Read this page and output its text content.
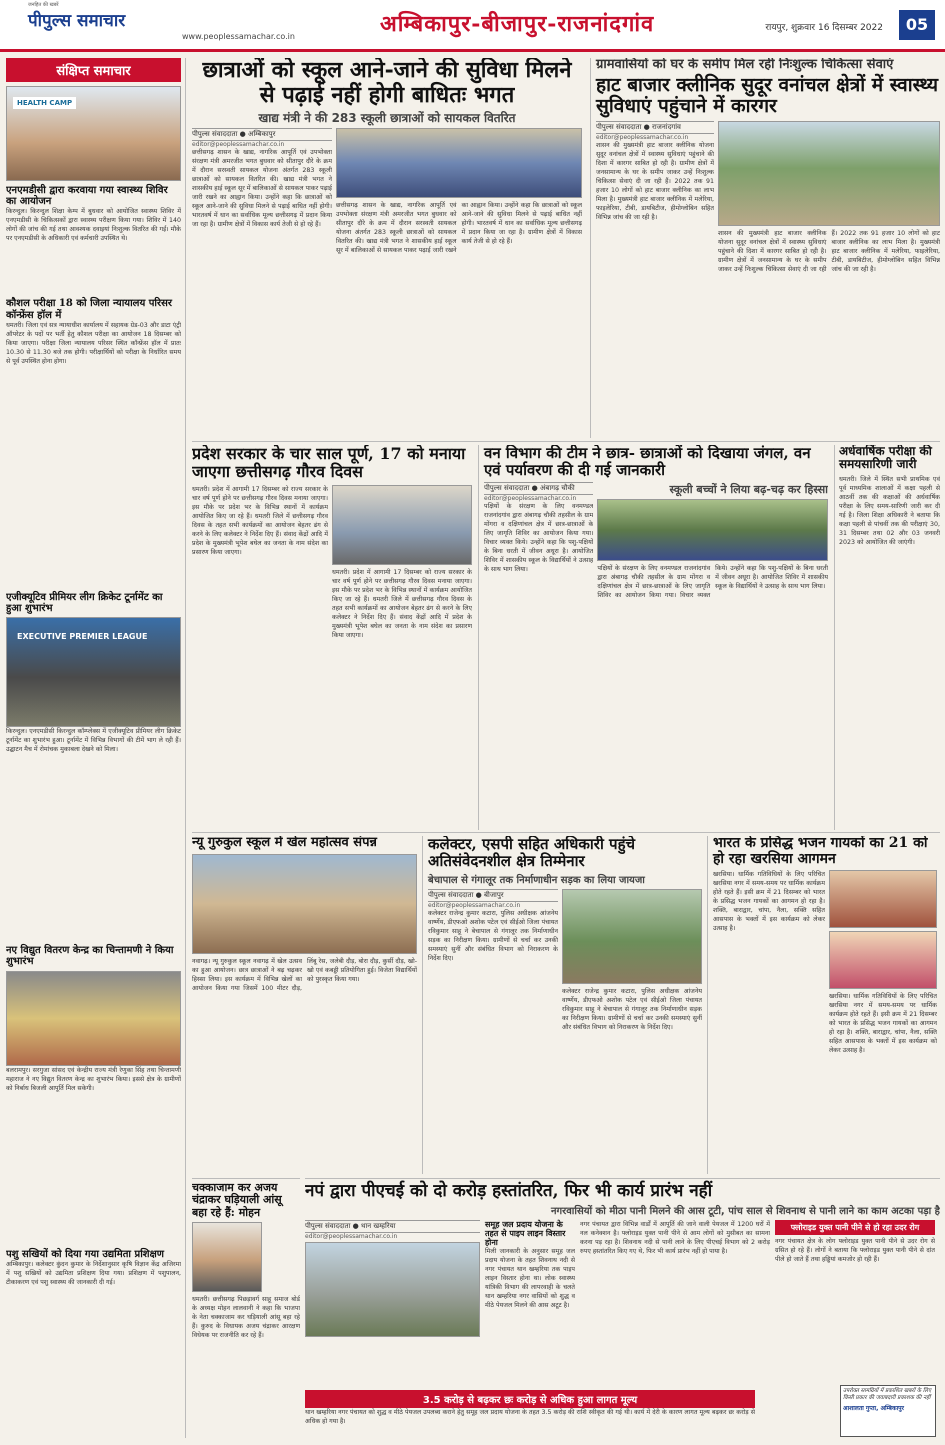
जनहित की खबरें
पीपुल्स समाचार
www.peoplessamachar.co.in	अम्बिकापुर-बीजापुर-राजनांदगांव	रायपुर, शुक्रवार 16 दिसम्बर 2022	05
संक्षिप्त समाचार
HEALTH CAMP
एनएमडीसी द्वारा करवाया गया स्वास्थ्य शिविर का आयोजन
किरन्दुल। किरन्दुल शिक्षा केम्प में बुधवार को आयोजित स्वास्थ्य शिविर में एनएमडीसी के चिकित्सकों द्वारा स्वास्थ्य परीक्षण किया गया। शिविर में 140 लोगों की जांच की गई तथा आवश्यक दवाइयां निःशुल्क वितरित की गईं। मौके पर एनएमडीसी के अधिकारी एवं कर्मचारी उपस्थित थे।
कौशल परीक्षा 18 को जिला न्यायालय परिसर कॉन्फ्रेंस हॉल में
धमतरी। जिला एवं सत्र न्यायाधीश कार्यालय में सहायक ग्रेड-03 और डाटा एंट्री ऑपरेटर के पदों पर भर्ती हेतु कौशल परीक्षा का आयोजन 18 दिसम्बर को किया जाएगा। परीक्षा जिला न्यायालय परिसर स्थित कॉन्फ्रेंस हॉल में प्रातः 10.30 से 11.30 बजे तक होगी। परीक्षार्थियों को परीक्षा के निर्धारित समय से पूर्व उपस्थित होना होगा।
एजीक्यूटिव प्रीमियर लीग क्रिकेट टूर्नामेंट का हुआ शुभारंभ
EXECUTIVE PREMIER LEAGUE
किरन्दुल। एनएमडीसी किरन्दुल कॉम्प्लेक्स में एजीक्यूटिव प्रीमियर लीग क्रिकेट टूर्नामेंट का शुभारंभ हुआ। टूर्नामेंट में विभिन्न विभागों की टीमें भाग ले रही हैं। उद्घाटन मैच में रोमांचक मुकाबला देखने को मिला।
नए विद्युत वितरण केन्द्र का चिन्तामणी ने किया शुभारंभ
बलरामपुर। सरगुजा सांसद एवं केन्द्रीय राज्य मंत्री रेणुका सिंह तथा चिन्तामणी महाराज ने नए विद्युत वितरण केन्द्र का शुभारंभ किया। इससे क्षेत्र के ग्रामीणों को निर्बाध बिजली आपूर्ति मिल सकेगी।
पशु सखियों को दिया गया उद्यमिता प्रशिक्षण
अम्बिकापुर। कलेक्टर कुंदन कुमार के निर्देशानुसार कृषि विज्ञान केंद्र अजिरमा में पशु सखियों को उद्यमिता प्रशिक्षण दिया गया। प्रशिक्षण में पशुपालन, टीकाकरण एवं पशु स्वास्थ्य की जानकारी दी गई।
छात्राओं को स्कूल आने-जाने की सुविधा मिलने से पढ़ाई नहीं होगी बाधितः भगत
खाद्य मंत्री ने की 283 स्कूली छात्राओं को सायकल वितरित
पीपुल्स संवाददाता ● अम्बिकापुर
editor@peoplessamachar.co.in
छत्तीसगढ़ शासन के खाद्य, नागरिक आपूर्ति एवं उपभोक्ता संरक्षण मंत्री अमरजीत भगत बुधवार को सीतापुर दौरे के क्रम में दौरान सरस्वती सायकल योजना अंतर्गत 283 स्कूली छात्राओं को सायकल वितरित की। खाद्य मंत्री भगत ने शासकीय हाई स्कूल सूर में बालिकाओं से सायकल पाकर पढ़ाई जारी रखने का आह्वान किया। उन्होंने कहा कि छात्राओं को स्कूल आने-जाने की सुविधा मिलने से पढ़ाई बाधित नहीं होगी। भारतवर्ष में धान का सर्वाधिक मूल्य छत्तीसगढ़ में प्रदान किया जा रहा है। ग्रामीण क्षेत्रों में विकास कार्य तेजी से हो रहे हैं।
छत्तीसगढ़ शासन के खाद्य, नागरिक आपूर्ति एवं उपभोक्ता संरक्षण मंत्री अमरजीत भगत बुधवार को सीतापुर दौरे के क्रम में दौरान सरस्वती सायकल योजना अंतर्गत 283 स्कूली छात्राओं को सायकल वितरित की। खाद्य मंत्री भगत ने शासकीय हाई स्कूल सूर में बालिकाओं से सायकल पाकर पढ़ाई जारी रखने का आह्वान किया। उन्होंने कहा कि छात्राओं को स्कूल आने-जाने की सुविधा मिलने से पढ़ाई बाधित नहीं होगी। भारतवर्ष में धान का सर्वाधिक मूल्य छत्तीसगढ़ में प्रदान किया जा रहा है। ग्रामीण क्षेत्रों में विकास कार्य तेजी से हो रहे हैं।
ग्रामवासियों को घर के समीप मिल रही निःशुल्क चिकित्सा सेवाएं
हाट बाजार क्लीनिक सुदूर वनांचल क्षेत्रों में स्वास्थ्य सुविधाएं पहुंचाने में कारगर
पीपुल्स संवाददाता ● राजनांदगांव
editor@peoplessamachar.co.in
शासन की मुख्यमंत्री हाट बाजार क्लीनिक योजना सुदूर वनांचल क्षेत्रों में स्वास्थ्य सुविधाएं पहुंचाने की दिशा में कारगर साबित हो रही है। ग्रामीण क्षेत्रों में जनसामान्य के घर के समीप जाकर उन्हें निःशुल्क चिकित्सा सेवाएं दी जा रही हैं। 2022 तक 91 हजार 10 लोगों को हाट बाजार क्लीनिक का लाभ मिला है। मुख्यमंत्री हाट बाजार क्लीनिक में मलेरिया, फाइलेरिया, टीबी, डायबिटीज, हीमोग्लोबिन सहित विभिन्न जांच की जा रही है।
शासन की मुख्यमंत्री हाट बाजार क्लीनिक योजना सुदूर वनांचल क्षेत्रों में स्वास्थ्य सुविधाएं पहुंचाने की दिशा में कारगर साबित हो रही है। ग्रामीण क्षेत्रों में जनसामान्य के घर के समीप जाकर उन्हें निःशुल्क चिकित्सा सेवाएं दी जा रही हैं। 2022 तक 91 हजार 10 लोगों को हाट बाजार क्लीनिक का लाभ मिला है। मुख्यमंत्री हाट बाजार क्लीनिक में मलेरिया, फाइलेरिया, टीबी, डायबिटीज, हीमोग्लोबिन सहित विभिन्न जांच की जा रही है।
प्रदेश सरकार के चार साल पूर्ण, 17 को मनाया जाएगा छत्तीसगढ़ गौरव दिवस
धमतरी। प्रदेश में आगामी 17 दिसम्बर को राज्य सरकार के चार वर्ष पूर्ण होने पर छत्तीसगढ़ गौरव दिवस मनाया जाएगा। इस मौके पर प्रदेश भर के विभिन्न स्थानों में कार्यक्रम आयोजित किए जा रहे हैं। धमतरी जिले में छत्तीसगढ़ गौरव दिवस के तहत सभी कार्यक्रमों का आयोजन बेहतर ढंग से करने के लिए कलेक्टर ने निर्देश दिए हैं। संवाद केंद्रों आदि में प्रदेश के मुख्यमंत्री भूपेश बघेल का जनता के नाम संदेश का प्रसारण किया जाएगा।
धमतरी। प्रदेश में आगामी 17 दिसम्बर को राज्य सरकार के चार वर्ष पूर्ण होने पर छत्तीसगढ़ गौरव दिवस मनाया जाएगा। इस मौके पर प्रदेश भर के विभिन्न स्थानों में कार्यक्रम आयोजित किए जा रहे हैं। धमतरी जिले में छत्तीसगढ़ गौरव दिवस के तहत सभी कार्यक्रमों का आयोजन बेहतर ढंग से करने के लिए कलेक्टर ने निर्देश दिए हैं। संवाद केंद्रों आदि में प्रदेश के मुख्यमंत्री भूपेश बघेल का जनता के नाम संदेश का प्रसारण किया जाएगा।
वन विभाग की टीम ने छात्र- छात्राओं को दिखाया जंगल, वन एवं पर्यावरण की दी गई जानकारी
पीपुल्स संवाददाता ● अंबागढ़ चौकी
editor@peoplessamachar.co.in
पक्षियों के संरक्षण के लिए वनमण्डल राजनांदगांव द्वारा अंबागढ़ चौकी तहसील के ग्राम मोंगरा व दक्षिणांचल क्षेत्र में छात्र-छात्राओं के लिए जागृति शिविर का आयोजन किया गया। विचार व्यक्त किये। उन्होंने कहा कि पशु-पक्षियों के बिना धरती में जीवन अधूरा है। आयोजित शिविर में शासकीय स्कूल के विद्यार्थियों ने उत्साह के साथ भाग लिया।
स्कूली बच्चों ने लिया बढ़-चढ़ कर हिस्सा
पक्षियों के संरक्षण के लिए वनमण्डल राजनांदगांव द्वारा अंबागढ़ चौकी तहसील के ग्राम मोंगरा व दक्षिणांचल क्षेत्र में छात्र-छात्राओं के लिए जागृति शिविर का आयोजन किया गया। विचार व्यक्त किये। उन्होंने कहा कि पशु-पक्षियों के बिना धरती में जीवन अधूरा है। आयोजित शिविर में शासकीय स्कूल के विद्यार्थियों ने उत्साह के साथ भाग लिया।
अर्धवार्षिक परीक्षा की समयसारिणी जारी
धमतरी। जिले में स्थित सभी प्राथमिक एवं पूर्व माध्यमिक शालाओं में कक्षा पहली से आठवीं तक की कक्षाओं की अर्धवार्षिक परीक्षा के लिए समय-सारिणी जारी कर दी गई है। जिला शिक्षा अधिकारी ने बताया कि कक्षा पहली से पांचवीं तक की परीक्षाएं 30, 31 दिसम्बर तथा 02 और 03 जनवरी 2023 को आयोजित की जाएंगी।
न्यू गुरुकुल स्कूल में खेल महोत्सव संपन्न
नवागढ़। न्यू गुरुकुल स्कूल नवागढ़ में खेल उत्सव का हुआ आयोजन। छात्र छात्राओं ने बढ़ चढ़कर हिस्सा लिया। इस कार्यक्रम में विभिन्न खेलों का आयोजन किया गया जिसमें 100 मीटर दौड़, लिंबू रेस, जलेबी दौड़, बोरा दौड़, कुर्सी दौड़, खो-खो एवं कबड्डी प्रतियोगिता हुई। विजेता विद्यार्थियों को पुरस्कृत किया गया।
कलेक्टर, एसपी सहित अधिकारी पहुंचे अतिसंवेदनशील क्षेत्र तिम्मेनार
बेचापाल से गंगालूर तक निर्माणाधीन सड़क का लिया जायजा
पीपुल्स संवाददाता ● बीजापुर
editor@peoplessamachar.co.in
कलेक्टर राजेन्द्र कुमार कटारा, पुलिस अधीक्षक आंजनेय वार्ष्णेय, डीएफओ अशोक पटेल एवं सीईओ जिला पंचायत रविकुमार साहू ने बेचापाल से गंगालूर तक निर्माणाधीन सड़क का निरीक्षण किया। ग्रामीणों से चर्चा कर उनकी समस्याएं सुनीं और संबंधित विभाग को निराकरण के निर्देश दिए।
कलेक्टर राजेन्द्र कुमार कटारा, पुलिस अधीक्षक आंजनेय वार्ष्णेय, डीएफओ अशोक पटेल एवं सीईओ जिला पंचायत रविकुमार साहू ने बेचापाल से गंगालूर तक निर्माणाधीन सड़क का निरीक्षण किया। ग्रामीणों से चर्चा कर उनकी समस्याएं सुनीं और संबंधित विभाग को निराकरण के निर्देश दिए।
भारत के प्रसिद्ध भजन गायकों का 21 को हो रहा खरसिया आगमन
खरसिया। धार्मिक गतिविधियों के लिए परिचित खरसिया नगर में समय-समय पर धार्मिक कार्यक्रम होते रहते हैं। इसी क्रम में 21 दिसम्बर को भारत के प्रसिद्ध भजन गायकों का आगमन हो रहा है। शक्ति, बाराद्वार, चांपा, नैला, सक्ति सहित आसपास के भक्तों में इस कार्यक्रम को लेकर उत्साह है।
खरसिया। धार्मिक गतिविधियों के लिए परिचित खरसिया नगर में समय-समय पर धार्मिक कार्यक्रम होते रहते हैं। इसी क्रम में 21 दिसम्बर को भारत के प्रसिद्ध भजन गायकों का आगमन हो रहा है। शक्ति, बाराद्वार, चांपा, नैला, सक्ति सहित आसपास के भक्तों में इस कार्यक्रम को लेकर उत्साह है।
चक्काजाम कर अजय चंद्राकर घड़ियाली आंसू बहा रहे हैं: मोहन
धमतरी। छत्तीसगढ़ पिछड़ावर्ग साहू समाज बोर्ड के अध्यक्ष मोहन लालवानी ने कहा कि भाजपा के नेता चक्काजाम कर घड़ियाली आंसू बहा रहे हैं। कुरुद के विधायक अजय चंद्राकर आरक्षण विधेयक पर राजनीति कर रहे हैं।
नपं द्वारा पीएचई को दो करोड़ हस्तांतरित, फिर भी कार्य प्रारंभ नहीं
नगरवासियों को मीठा पानी मिलने की आस टूटी, पांच साल से शिवनाथ से पानी लाने का काम अटका पड़ा है
पीपुल्स संवाददाता ● थान खम्हरिया
editor@peoplessamachar.co.in
समूह जल प्रदाय योजना के तहत से पाइप लाइन विस्तार होना
मिली जानकारी के अनुसार समूह जल प्रदाय योजना के तहत शिवनाथ नदी से नगर पंचायत थान खम्हरिया तक पाइप लाइन विस्तार होना था। लोक स्वास्थ्य यांत्रिकी विभाग की लापरवाही के चलते थान खम्हरिया नगर वासियों को शुद्ध व मीठे पेयजल मिलने की आस अटूट है।
नगर पंचायत द्वारा विभिन्न वार्डों में आपूर्ति की जाने वाली पेयजल में 1200 घरों में नल कनेक्शन है। फ्लोराइड युक्त पानी पीने से आम लोगों को मुसीबत का सामना करना पड़ रहा है। शिवनाथ नदी से पानी लाने के लिए पीएचई विभाग को 2 करोड़ रुपए हस्तांतरित किए गए थे, फिर भी कार्य प्रारंभ नहीं हो पाया है।
फ्लोराइड युक्त पानी पीने से हो रहा उदर रोग
नगर पंचायत क्षेत्र के लोग फ्लोराइड युक्त पानी पीने से उदर रोग से ग्रसित हो रहे हैं। लोगों ने बताया कि फ्लोराइड युक्त पानी पीने से दांत पीले हो जाते हैं तथा हड्डियां कमजोर हो रही हैं।
3.5 करोड़ से बढ़कर छः करोड़ से अधिक हुआ लागत मूल्य
थान खम्हरिया नगर पंचायत को शुद्ध व मीठे पेयजल उपलब्ध कराने हेतु समूह जल प्रदाय योजना के तहत 3.5 करोड़ की राशि स्वीकृत की गई थी। कार्य में देरी के कारण लागत मूल्य बढ़कर छः करोड़ से अधिक हो गया है।
उपरोक्त सामग्रियों में प्रकाशित खबरों के लिए किसी प्रकार की जवाबदारी प्रकाशक की नहीं
आशालता गुप्ता, अम्बिकापुर
